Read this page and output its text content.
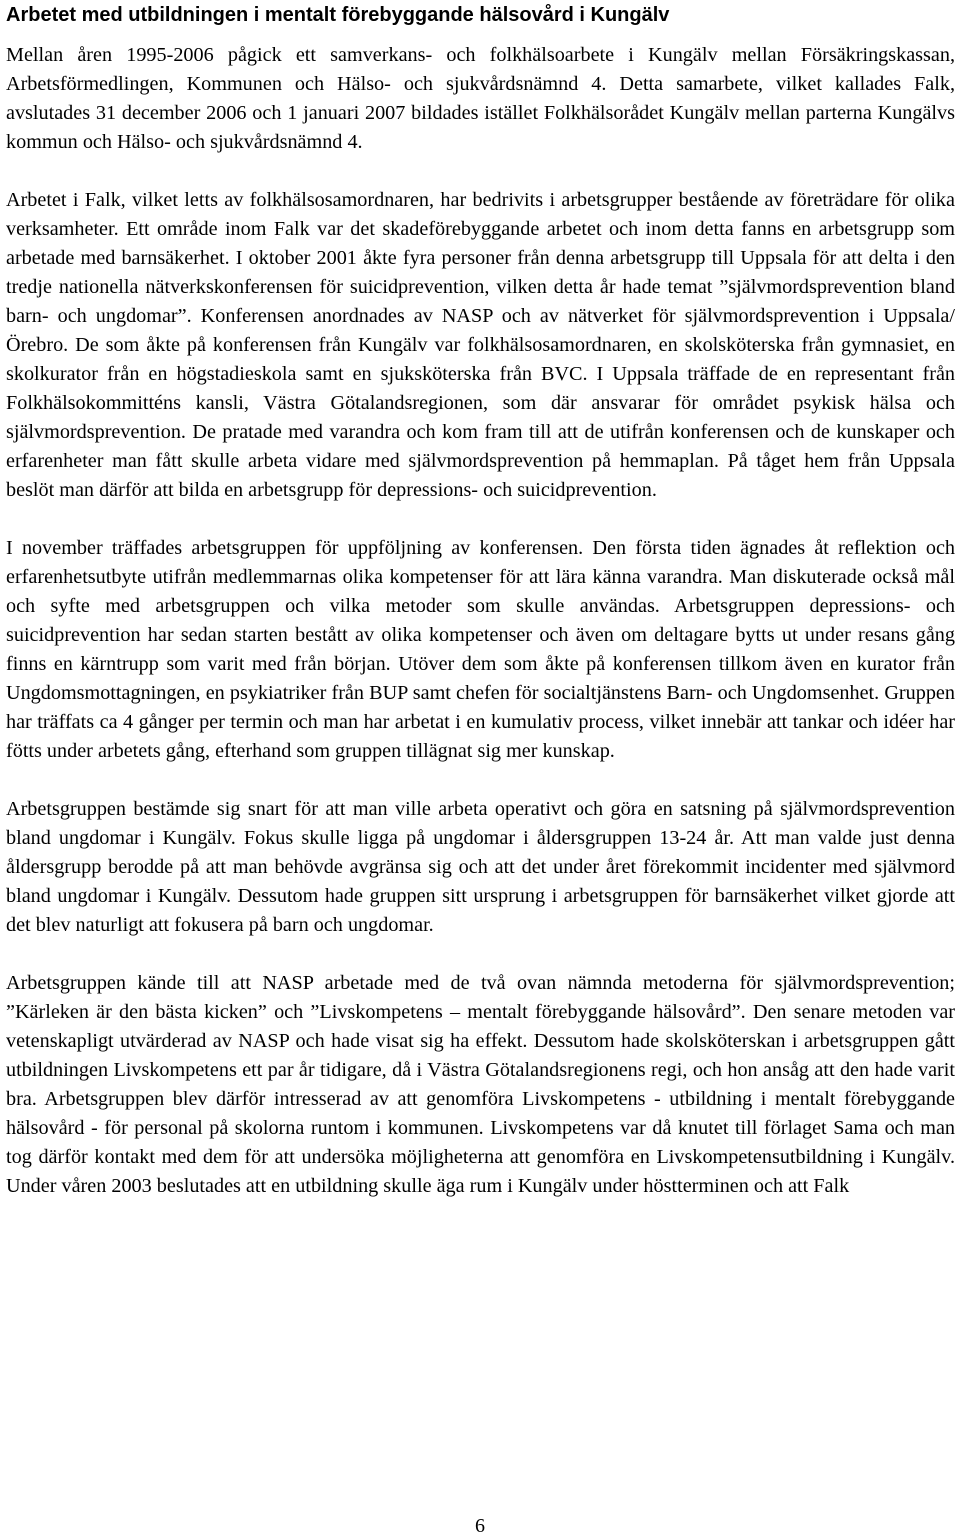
Arbetet med utbildningen i mentalt förebyggande hälsovård i Kungälv

Mellan åren 1995-2006 pågick ett samverkans- och folkhälsoarbete i Kungälv mellan Försäkringskassan, Arbetsförmedlingen, Kommunen och Hälso- och sjukvårdsnämnd 4. Detta samarbete, vilket kallades Falk, avslutades 31 december 2006 och 1 januari 2007 bildades istället Folkhälsorådet Kungälv mellan parterna Kungälvs kommun och Hälso- och sjukvårdsnämnd 4.

Arbetet i Falk, vilket letts av folkhälsosamordnaren, har bedrivits i arbetsgrupper bestående av företrädare för olika verksamheter. Ett område inom Falk var det skadeförebyggande arbetet och inom detta fanns en arbetsgrupp som arbetade med barnsäkerhet. I oktober 2001 åkte fyra personer från denna arbetsgrupp till Uppsala för att delta i den tredje nationella nätverkskonferensen för suicidprevention, vilken detta år hade temat ”självmordsprevention bland barn- och ungdomar”. Konferensen anordnades av NASP och av nätverket för självmordsprevention i Uppsala/Örebro. De som åkte på konferensen från Kungälv var folkhälsosamordnaren, en skolsköterska från gymnasiet, en skolkurator från en högstadieskola samt en sjuksköterska från BVC. I Uppsala träffade de en representant från Folkhälsokommitténs kansli, Västra Götalandsregionen, som där ansvarar för området psykisk hälsa och självmordsprevention. De pratade med varandra och kom fram till att de utifrån konferensen och de kunskaper och erfarenheter man fått skulle arbeta vidare med självmordsprevention på hemmaplan. På tåget hem från Uppsala beslöt man därför att bilda en arbetsgrupp för depressions- och suicidprevention.

I november träffades arbetsgruppen för uppföljning av konferensen. Den första tiden ägnades åt reflektion och erfarenhetsutbyte utifrån medlemmarnas olika kompetenser för att lära känna varandra. Man diskuterade också mål och syfte med arbetsgruppen och vilka metoder som skulle användas. Arbetsgruppen depressions- och suicidprevention har sedan starten bestått av olika kompetenser och även om deltagare bytts ut under resans gång finns en kärntrupp som varit med från början. Utöver dem som åkte på konferensen tillkom även en kurator från Ungdomsmottagningen, en psykiatriker från BUP samt chefen för socialtjänstens Barn- och Ungdomsenhet. Gruppen har träffats ca 4 gånger per termin och man har arbetat i en kumulativ process, vilket innebär att tankar och idéer har fötts under arbetets gång, efterhand som gruppen tillägnat sig mer kunskap.

Arbetsgruppen bestämde sig snart för att man ville arbeta operativt och göra en satsning på självmordsprevention bland ungdomar i Kungälv. Fokus skulle ligga på ungdomar i åldersgruppen 13-24 år. Att man valde just denna åldersgrupp berodde på att man behövde avgränsa sig och att det under året förekommit incidenter med självmord bland ungdomar i Kungälv. Dessutom hade gruppen sitt ursprung i arbetsgruppen för barnsäkerhet vilket gjorde att det blev naturligt att fokusera på barn och ungdomar.

Arbetsgruppen kände till att NASP arbetade med de två ovan nämnda metoderna för självmordsprevention; ”Kärleken är den bästa kicken” och ”Livskompetens – mentalt förebyggande hälsovård”. Den senare metoden var vetenskapligt utvärderad av NASP och hade visat sig ha effekt. Dessutom hade skolsköterskan i arbetsgruppen gått utbildningen Livskompetens ett par år tidigare, då i Västra Götalandsregionens regi, och hon ansåg att den hade varit bra. Arbetsgruppen blev därför intresserad av att genomföra Livskompetens - utbildning i mentalt förebyggande hälsovård - för personal på skolorna runtom i kommunen. Livskompetens var då knutet till förlaget Sama och man tog därför kontakt med dem för att undersöka möjligheterna att genomföra en Livskompetensutbildning i Kungälv. Under våren 2003 beslutades att en utbildning skulle äga rum i Kungälv under höstterminen och att Falk

6
